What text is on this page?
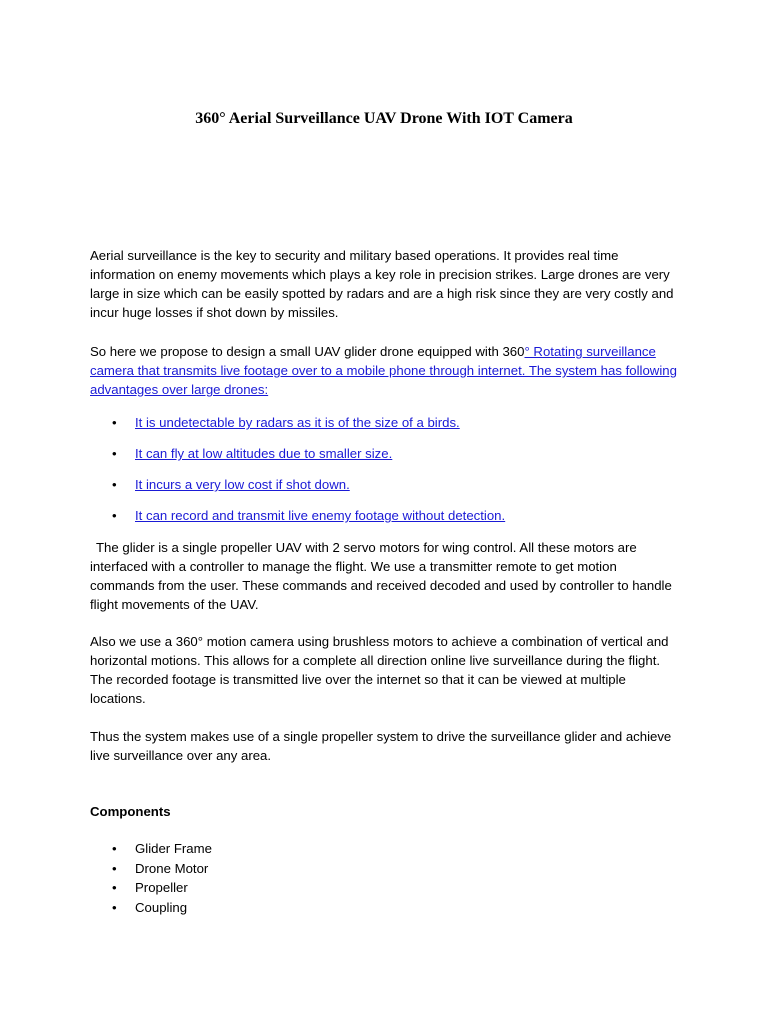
360° Aerial Surveillance UAV Drone With IOT Camera

Aerial surveillance is the key to security and military based operations. It provides real time information on enemy movements which plays a key role in precision strikes. Large drones are very large in size which can be easily spotted by radars and are a high risk since they are very costly and incur huge losses if shot down by missiles.

So here we propose to design a small UAV glider drone equipped with 360° Rotating surveillance camera that transmits live footage over to a mobile phone through internet. The system has following advantages over large drones:

• It is undetectable by radars as it is of the size of a birds.
• It can fly at low altitudes due to smaller size.
• It incurs a very low cost if shot down.
• It can record and transmit live enemy footage without detection.

The glider is a single propeller UAV with 2 servo motors for wing control. All these motors are interfaced with a controller to manage the flight. We use a transmitter remote to get motion commands from the user. These commands and received decoded and used by controller to handle flight movements of the UAV.

Also we use a 360° motion camera using brushless motors to achieve a combination of vertical and horizontal motions. This allows for a complete all direction online live surveillance during the flight. The recorded footage is transmitted live over the internet so that it can be viewed at multiple locations.

Thus the system makes use of a single propeller system to drive the surveillance glider and achieve live surveillance over any area.

Components

• Glider Frame
• Drone Motor
• Propeller
• Coupling
